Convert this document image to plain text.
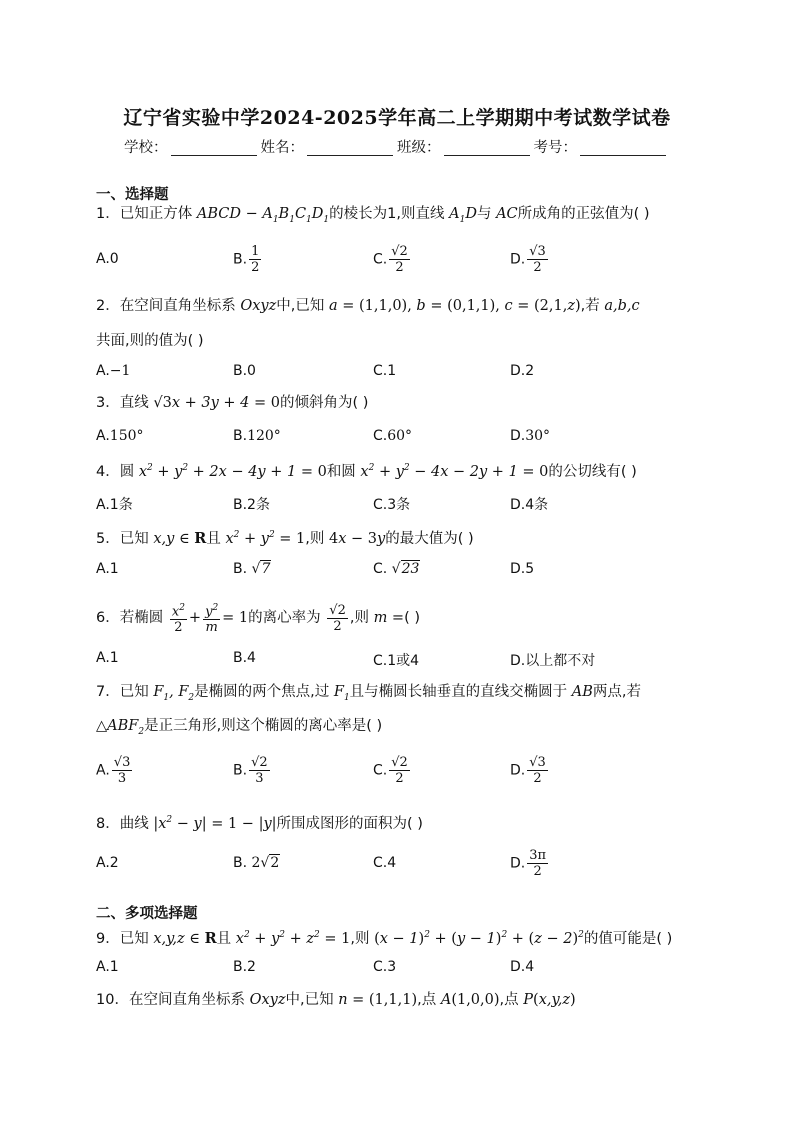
辽宁省实验中学2024-2025学年高二上学期期中考试数学试卷
学校：	姓名：	班级：	考号：
一、选择题
1．已知正方体 ABCD − $A_1B_1C_1D_1$的棱长为1,则直线 $A_1D$与 AC所成角的正弦值为( )
A.0	B. $\frac{1}{2}$	C. $\frac{√2}{2}$	D. $\frac{√3}{2}$
2．在空间直角坐标系 Oxyz中,已知 a = (1,1,0), b = (0,1,1), c = (2,1,z),若 a,b,c
共面,则的值为( )
A.−1	B.0	C.1	D.2
3．直线 √3x + 3y + 4 = 0的倾斜角为( )
A.150°	B.120°	C.60°	D.30°
4．圆 $x^2 + y^2 + 2x - 4y + 1 = 0$和圆 $x^2 + y^2 - 4x - 2y + 1 = 0$的公切线有( )
A.1条	B.2条	C.3条	D.4条
5．已知 x,y ∈ R且 $x^2 + y^2 = 1$,则 4x − 3y的最大值为( )
A.1	B. √7	C. √23	D.5
6．若椭圆 $\frac{x^2}{2} + \frac{y^2}{m} = 1$的离心率为 $\frac{√2}{2}$ ,则 m =( )
A.1	B.4	C.1或4	D.以上都不对
7．已知 $F_1$, $F_2$是椭圆的两个焦点,过 $F_1$且与椭圆长轴垂直的直线交椭圆于 AB两点,若
$\triangle ABF_2$是正三角形,则这个椭圆的离心率是( )
A. $\frac{√3}{3}$	B. $\frac{√2}{3}$	C. $\frac{√2}{2}$	D. $\frac{√3}{2}$
8．曲线 $|x^2 - y| = 1 - |y|$所围成图形的面积为( )
A.2	B. 2√2	C.4	D. $\frac{3\pi}{2}$
二、多项选择题
9．已知 x,y,z ∈ R且 $x^2 + y^2 + z^2 = 1$,则 $(x - 1)^2 + (y - 1)^2 + (z - 2)^2$的值可能是( )
A.1	B.2	C.3	D.4
10．在空间直角坐标系 Oxyz中,已知 n = (1,1,1),点 A(1,0,0),点 P(x,y,z)
